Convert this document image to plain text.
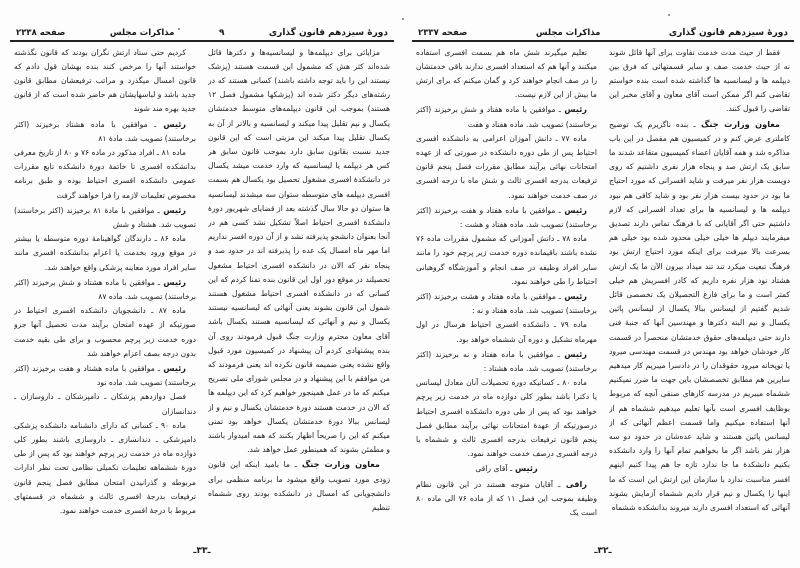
دورهٔ سیزدهم قانون گذاری
۹
مذاکرات مجلس
صفحه ۲۳۳۸

مزایائی برای دیپلمه‌ها و لیسانسیه‌ها و دکترها قائل شده‌اند کثر هش که مشمول این قسمت هستند (پزشک نیستند این را باید توجه داشته باشند) کسانی هستند که در رشته‌های دیگر دکتر شده اند (پزشکها مشمول فصل ۱۲ هستند) بموجب این قانون دیپلمه‌های متوسط خدمتشان یکسال و نیم تقلیل پیدا میکند و لیسانسیه و بالاتر از آن به یکسال تقلیل پیدا میکند این مزیتی است که این قانون جدید نسبت بقانون سابق دارد بموجب قانون سابق هر کس هر دیپلمه یا لیسانسیه که وارد خدمت میشد یکسال در دانشکدهٔ افسری مشغول تحصیل بود یکسال هم بسمت افسری دیپلمه های متوسطه ستوان سه میشدند لیسانسیه ها ستوان دو حالا سال گذشته بعد از قضایای شهریور دورهٔ دانشکدهٔ افسری احتیاط اصلاً تشکیل نشد کسی هم در آنجا بعنوان دانشجو پذیرفته نشد و از آن دوره افسر نداریم اما مهر ماه امسال یک عده را پذیرفته اند در حدود صد و پنجاه نفر که الان در دانشکده افسری احتیاط مشغول تحصیلند در موقع دور اول این قانون بنده تمنا کردم که این کسانی که در دانشکده افسری احتیاط مشغول هستند شمول این قانون بشوند یعنی آنهائی که لیسانسیه نیستند یکسال و نیم و آنهائی که لیسانسیه هستند یکسال باشد آقای معاون محترم وزارت جنگ قبول فرمودند روی آن بنده پیشنهادی کردم آن پیشنهاد در کمیسیون مورد قبول واقع نشده یعنی ضمیمه قانون نکرده اند یعنی فرمودند که من موافقم با این پیشنهاد و در مجلس شورای ملی تصریح میکنم که ما در عمل همینجور خواهیم کرد که این دیپلمه ها که الان در خدمت هستند دورهٔ خدمتشان یکسال و نیم و از لیسانس ببالا دورهٔ خدمتشان یکسال خواهد بود تمنی میکنم که این را صریحاً اظهار بکنند که همه امیدوار باشند و مطمئن بشوند که همینطور عمل خواهد شد.

معاون وزارت جنگ ـ ما بامید اینکه این قانون زودی مورد تصویب واقع میشود ما برنامه منظمی برای دانشجویانی که امسال در دانشکده بودند روی ششماه تنظیم

کردیم حتی ستاد ارتش نگران بودند که قانون نگذشته خواستند آنها را مرخص کنند بنده بهشان قول دادم که قانون امسال میگذرد و مراتب ترفیعشان مطابق قانون جدید باشد و لباسهایشان هم حاضر شده است که از قانون جدید بهره مند شوند

رئیس ـ موافقین با ماده هشتاد برخیزند (اکثر برخاستند) تصویب شد. مادهٔ ۸۱

ماده ۸۱ ـ افراد مذکور در ماده ۷۶ و ۸۰ از تاریخ معرفی بدانشکده افسری تا خاتمهٔ دورهٔ دانشکده تابع مقررات عمومی دانشکده افسری احتیاط بوده و طبق برنامه مخصوص تعلیمات لازمه را فرا خواهند گرفت

رئیس ـ موافقین با مادهٔ ۸۱ برخیزند (اکثر برخاستند) تصویب شد. هشتاد و شش

ماده ۸۶ ـ دارندگان گواهینامهٔ دوره متوسطه یا بیشتر در موقع ورود بخدمت یا اعزام بدانشکده افسری مانند سایر افراد مورد معاینه پزشکی واقع خواهند شد.

رئیس ـ موافقین با ماده هشتاد و شش برخیزند (اکثر برخاستند) تصویب شد. ماده ۸۷

ماده ۸۷ ـ دانشجویان دانشکده افسری احتیاط در صورتیکه از عهده امتحان برآیند مدت تحصیل آنها جزو دوره خدمت زیر پرچم محسوب و برای طی بقیه خدمت بدون درجه بصف اعزام خواهند شد

رئیس ـ موافقین با ماده هشتاد و هفت برخیزند (اکثر برخاستند) تصویب شد. ماده نود

فصل دوازدهم پزشکان ـ دامپزشکان ـ داروسازان ـ دندانسازان

ماده ۹۰ ـ کسانی که دارای دانشنامه دانشکده پزشکی دامپزشکی ـ دندانسازی ـ داروسازی باشند بطور کلی دوازده ماه در خدمت زیر پرچم خواهند بود که پس از طی دورهٔ ششماهه تعلیمات تکمیلی نظامی تحت نظر ادارات مربوطه و گذرانیدن امتحان مطابق فصل پنجم قانون ترفیعات بدرجهٔ افسری ثالث و ششماه در قسمتهای مربوط با درجهٔ افسری خدمت خواهند نمود.

ـ۳۳ـ
دورهٔ سیزدهم قانون گذاری
مذاکرات مجلس
صفحه ۲۳۳۷

فقط از حیث مدت خدمت تفاوت برای آنها قائل شوند نه از حیث خدمت صف و سایر قسمتهائی که فرق بین دیپلمه ها و لیسانسیه ها گذاشته شده است بنده خواستم تقاضی کنم اگر ممکن است آقای معاون و آقای مخبر این تقاضی را قبول کنند.

معاون وزارت جنگ ـ بنده ناگزیرم یک توضیح کاملتری عرض کنم و در کمیسیون هم مفصل در این باب مذاکره شد و همه آقایان اعضاء کمیسیون متقاعد شدند ما سابق یک ارتش صد و پنجاه هزار نفری داشتیم که روی دویست هزار نفر میرفت و شاید افسرانی که مورد احتیاج ما بود در حدود بیست هزار نفر بود و شاید کافی هم نبود دیپلمه ها و لیسانسیه ها برای تعداد افسرانی که لازم داشتیم حتی اگر آقایانی که با فرهنگ تماس دارند تصدیق میفرمایند دیپلم ها خیلی خیلی محدود شده بود خیلی هم بسرعت بالا میرفت برای اینکه مورد احتیاج ارتش بود فرهنگ تبعیت میکرد تند تند میداد بیرون الآن ما یک ارتش هشتاد نود هزار نفره داریم که کادر افسریش هم خیلی کمتر است و ما برای فارغ التحصیلان یک تخصصی قائل شدیم گفتیم از لیسانس ببالا یکسال از لیسانس پائین یکسال و نیم البته دکترها و مهندسین آنها که جنبهٔ فنی دارند حتی دیپلمه‌های حقوق خدمتشان منحصراً در قسمت کار خودشان خواهد بود مهندس در قسمت مهندسی میرود یا توپخانه میرود حقوقدان را در دادسرا میبریم کار میدهیم سایرین هم مطابق تخصصشان باین جهت ما ضرر نمیکنیم ششماه میبریم در مدرسه کارهای صنفی آنچه که مربوط بوظایف افسری است بآنها تعلیم میدهیم ششماه هم از آنها استفاده میکنیم واما قسمت اعظم آنهائی که از لیسانس پائین هستند و شاید عده‌شان در حدود دو سه هزار نفر باشد اگر ما بخواهیم تمام آنها را وارد دانشکده بکنیم دانشکدهٔ ما جا ندارد تازه جا هم پیدا کنیم اینهم افسر مناسبت ندارد با سازمان این ارتش این است که ما اینها را یکسال و نیم قرار دادیم ششماه آزمایش بشوند آنهائی که استعداد افسری دارند میروند بدانشکده ششماه

تعلیم میگیرند شش ماه هم بسمت افسری استفاده میکنند و آنها هم که استعداد افسری ندارند باقی خدمتشان را در صف انجام خواهند کرد و گمان میکنم که برای ارتش ما بیش از این لازم نیست.

رئیس ـ موافقین با ماده هفتاد و شش برخیزند (اکثر برخاستند) تصویب شد. ماده هفتاد و هفت

ماده ۷۷ ـ دانش آموزان اعزامی به دانشکده افسری احتیاط پس از طی دوره دانشکده در صورتی که از عهده امتحانات نهائی برآیند مطابق مقررات فصل پنجم قانون ترفیعات بدرجه افسری ثالث و شش ماه با درجه افسری در صف خدمت خواهند نمود.

رئیس ـ موافقین با ماده هفتاد و هفت برخیزند (اکثر برخاستند) تصویب شد. ماده هفتاد و هشت :

ماده ۷۸ ـ دانش آموزانی که مشمول مقررات ماده ۷۶ نشده باشند باقیمانده دوره خدمت زیر پرچم خود را مانند سایر افراد وظیفه در صف انجام و آموزشگاه گروهبانی احتیاط را طی خواهند نمود.

رئیس ـ موافقین با ماده هفتاد و هشت برخیزند (اکثر برخاستند) تصویب شد. ماده هفتاد و نه :

ماده ۷۹ ـ دانشکده افسری احتیاط هرسال در اول مهرماه تشکیل و دوره آن ششماه خواهد بود.

رئیس ـ موافقین با ماده هفتاد و نه برخیزند (اکثر برخاستند) تصویب شد. ماده هشتاد :

ماده ۸۰ ـ کسانیکه دوره تحصیلات آنان معادل لیسانس یا دکترا باشد بطور کلی دوازده ماه در خدمت زیر پرچم خواهند بود که پس از طی دوره دانشکده افسری احتیاط درصورتیکه از عهدهٔ امتحانات نهائی برآیند مطابق فصل پنجم قانون ترفیعات بدرجه افسری ثالث و ششماه با درجه افسری درصف خدمت خواهند نمود.

رئیس ـ آقای راقی

راقی ـ آقایان متوجه هستند در این قانون نظام وظیفه بموجب این فصل ۱۱ که از ماده ۷۶ الی ماده ۸۰ است یک

ـ۳۲ـ
